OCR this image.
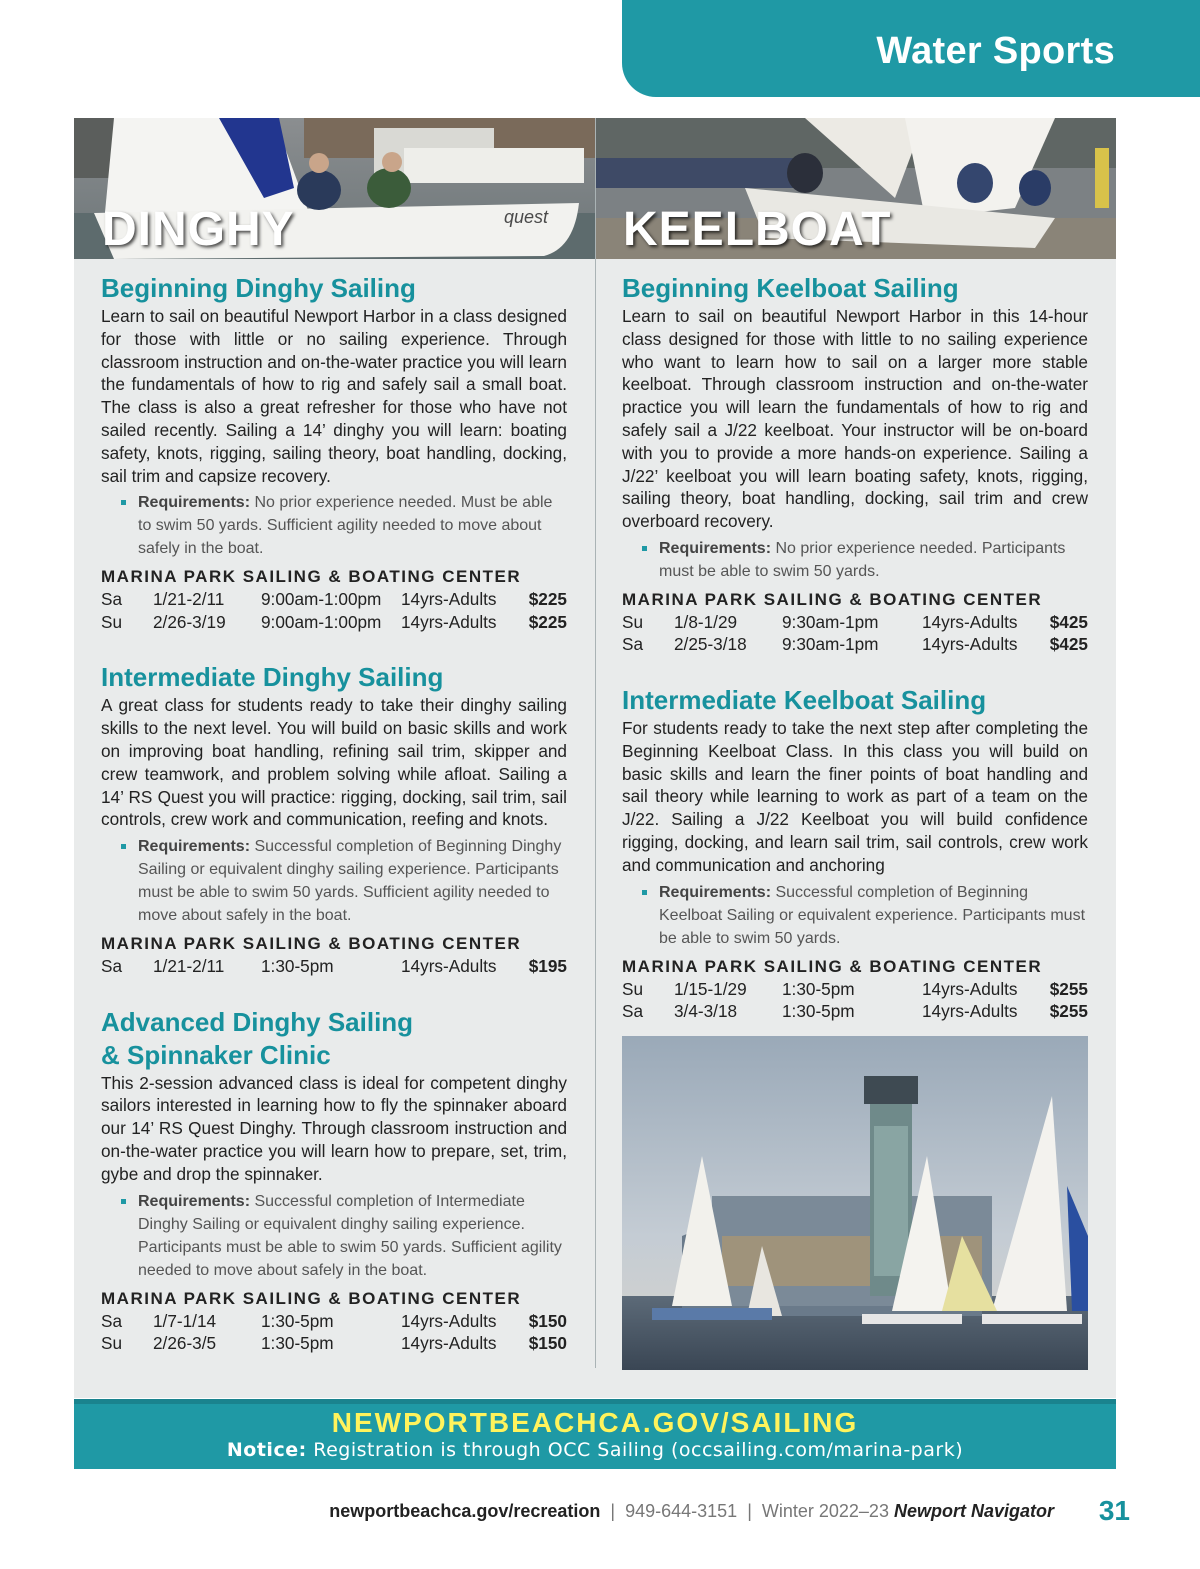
Water Sports
quest
DINGHY	KEELBOAT
Beginning Dinghy Sailing

Learn to sail on beautiful Newport Harbor in a class designed for those with little or no sailing experience. Through classroom instruction and on-the-water practice you will learn the fundamentals of how to rig and safely sail a small boat. The class is also a great refresher for those who have not sailed recently. Sailing a 14’ dinghy you will learn: boating safety, knots, rigging, sailing theory, boat handling, docking, sail trim and capsize recovery.

Requirements: No prior experience needed. Must be able to swim 50 yards. Sufficient agility needed to move about safely in the boat.
MARINA PARK SAILING & BOATING CENTER
Sa 1/21-2/11 9:00am-1:00pm 14yrs-Adults $225
Su 2/26-3/19 9:00am-1:00pm 14yrs-Adults $225
Intermediate Dinghy Sailing

A great class for students ready to take their dinghy sailing skills to the next level. You will build on basic skills and work on improving boat handling, refining sail trim, skipper and crew teamwork, and problem solving while afloat. Sailing a 14’ RS Quest you will practice: rigging, docking, sail trim, sail controls, crew work and communication, reefing and knots.

Requirements: Successful completion of Beginning Dinghy Sailing or equivalent dinghy sailing experience. Participants must be able to swim 50 yards. Sufficient agility needed to move about safely in the boat.
MARINA PARK SAILING & BOATING CENTER
Sa 1/21-2/11 1:30-5pm	14yrs-Adults $195
Advanced Dinghy Sailing
& Spinnaker Clinic

This 2-session advanced class is ideal for competent dinghy sailors interested in learning how to fly the spinnaker aboard our 14’ RS Quest Dinghy. Through classroom instruction and on-the-water practice you will learn how to prepare, set, trim, gybe and drop the spinnaker.

Requirements: Successful completion of Intermediate Dinghy Sailing or equivalent dinghy sailing experience. Participants must be able to swim 50 yards. Sufficient agility needed to move about safely in the boat.
MARINA PARK SAILING & BOATING CENTER
Sa 1/7-1/14	1:30-5pm	14yrs-Adults $150
Su 2/26-3/5	1:30-5pm	14yrs-Adults $150
Beginning Keelboat Sailing

Learn to sail on beautiful Newport Harbor in this 14-hour class designed for those with little to no sailing experience who want to learn how to sail on a larger more stable keelboat. Through classroom instruction and on-the-water practice you will learn the fundamentals of how to rig and safely sail a J/22 keelboat. Your instructor will be on-board with you to provide a more hands-on experience. Sailing a J/22’ keelboat you will learn boating safety, knots, rigging, sailing theory, boat handling, docking, sail trim and crew overboard recovery.

Requirements: No prior experience needed. Participants must be able to swim 50 yards.
MARINA PARK SAILING & BOATING CENTER
Su 1/8-1/29	9:30am-1pm	14yrs-Adults $425
Sa 2/25-3/18 9:30am-1pm	14yrs-Adults $425
Intermediate Keelboat Sailing

For students ready to take the next step after completing the Beginning Keelboat Class. In this class you will build on basic skills and learn the finer points of boat handling and sail theory while learning to work as part of a team on the J/22. Sailing a J/22 Keelboat you will build confidence rigging, docking, and learn sail trim, sail controls, crew work and communication and anchoring

Requirements: Successful completion of Beginning Keelboat Sailing or equivalent experience. Participants must be able to swim 50 yards.
MARINA PARK SAILING & BOATING CENTER
Su 1/15-1/29 1:30-5pm	14yrs-Adults $255
Sa 3/4-3/18	1:30-5pm	14yrs-Adults $255
NEWPORTBEACHCA.GOV/SAILING
Notice: Registration is through OCC Sailing (occsailing.com/marina-park)
newportbeachca.gov/recreation  |  949-644-3151  |  Winter 2022–23 Newport Navigator 31
